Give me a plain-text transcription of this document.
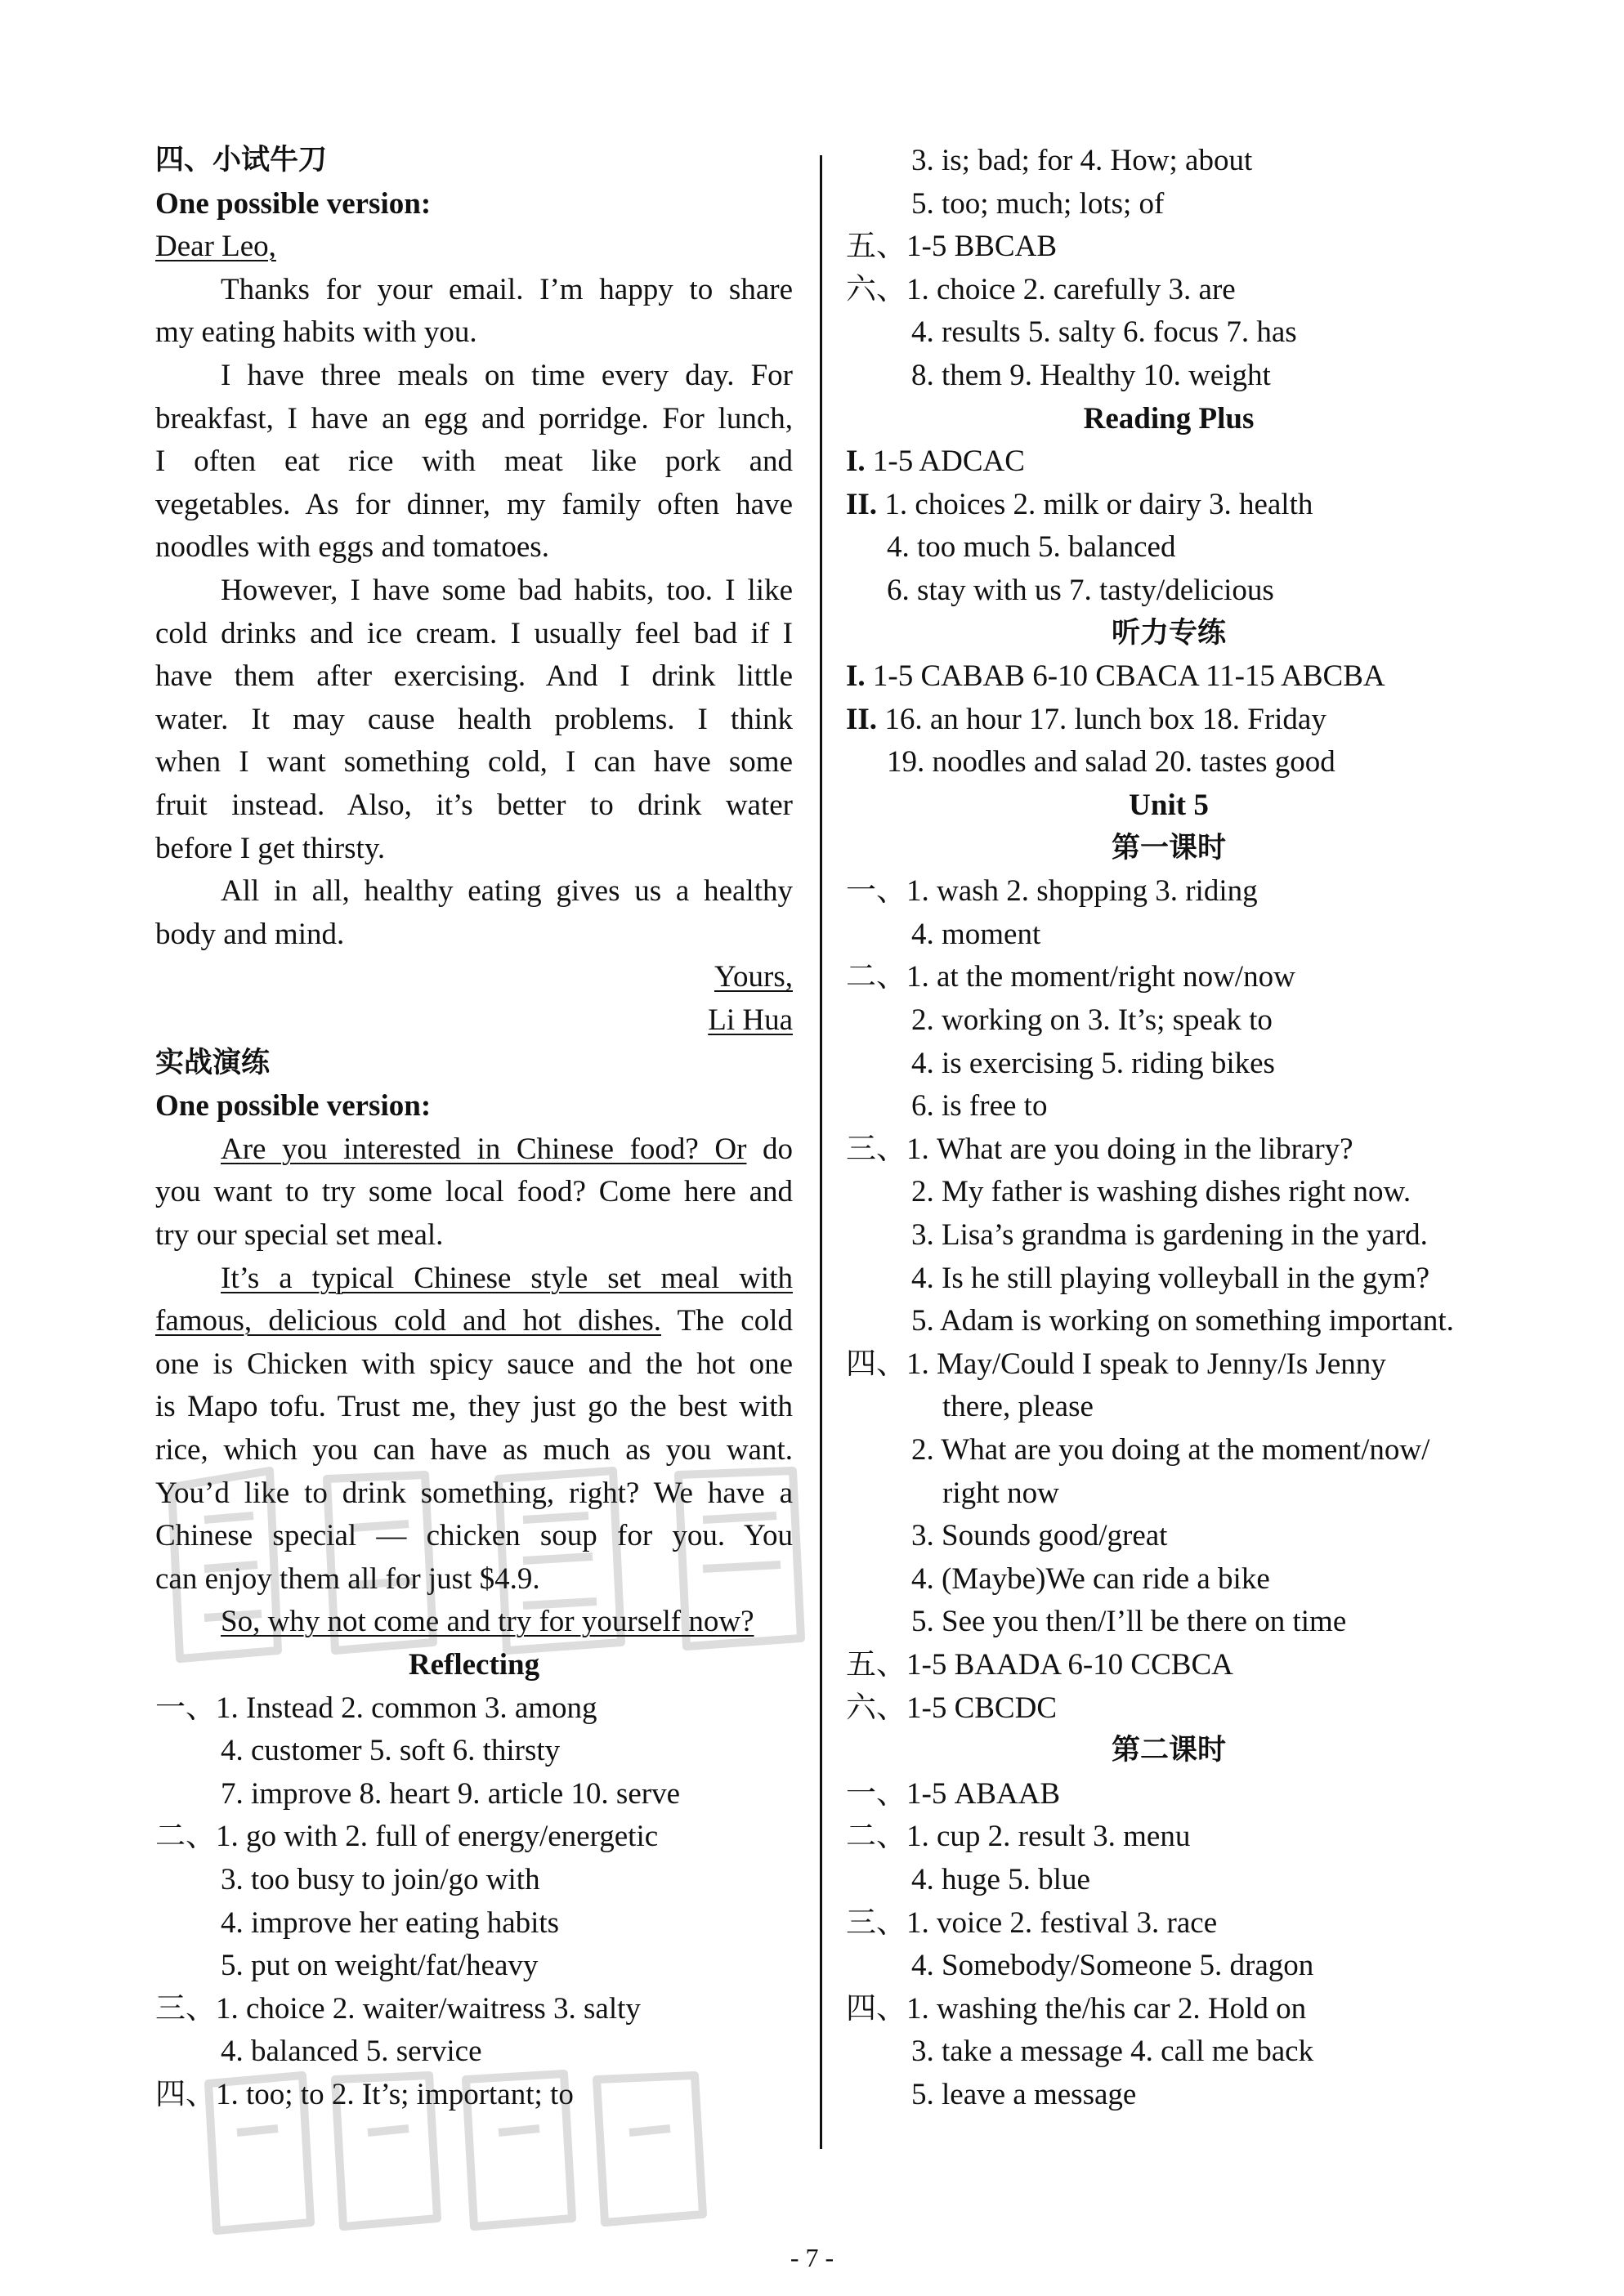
四、小试牛刀
One possible version:
Dear Leo,
Thanks for your email. I’m happy to share
my eating habits with you.
I have three meals on time every day. For
breakfast, I have an egg and porridge. For lunch,
I often eat rice with meat like pork and
vegetables. As for dinner, my family often have
noodles with eggs and tomatoes.
However, I have some bad habits, too. I like
cold drinks and ice cream. I usually feel bad if I
have them after exercising. And I drink little
water. It may cause health problems. I think
when I want something cold, I can have some
fruit instead. Also, it’s better to drink water
before I get thirsty.
All in all, healthy eating gives us a healthy
body and mind.
Yours,
Li Hua
实战演练
One possible version:
Are you interested in Chinese food? Or do
you want to try some local food? Come here and
try our special set meal.
It’s a typical Chinese style set meal with
famous, delicious cold and hot dishes. The cold
one is Chicken with spicy sauce and the hot one
is Mapo tofu. Trust me, they just go the best with
rice, which you can have as much as you want.
You’d like to drink something, right? We have a
Chinese special — chicken soup for you. You
can enjoy them all for just $4.9.
So, why not come and try for yourself now?
Reflecting
一、1. Instead 2. common 3. among
4. customer 5. soft 6. thirsty
7. improve 8. heart 9. article 10. serve
二、1. go with 2. full of energy/energetic
3. too busy to join/go with
4. improve her eating habits
5. put on weight/fat/heavy
三、1. choice 2. waiter/waitress 3. salty
4. balanced 5. service
四、1. too; to 2. It’s; important; to
3. is; bad; for 4. How; about
5. too; much; lots; of
五、1-5 BBCAB
六、1. choice 2. carefully 3. are
4. results 5. salty 6. focus 7. has
8. them 9. Healthy 10. weight
Reading Plus
I. 1-5 ADCAC
II. 1. choices 2. milk or dairy 3. health
4. too much 5. balanced
6. stay with us 7. tasty/delicious
听力专练
I. 1-5 CABAB 6-10 CBACA 11-15 ABCBA
II. 16. an hour 17. lunch box 18. Friday
19. noodles and salad 20. tastes good
Unit 5
第一课时
一、1. wash 2. shopping 3. riding
4. moment
二、1. at the moment/right now/now
2. working on 3. It’s; speak to
4. is exercising 5. riding bikes
6. is free to
三、1. What are you doing in the library?
2. My father is washing dishes right now.
3. Lisa’s grandma is gardening in the yard.
4. Is he still playing volleyball in the gym?
5. Adam is working on something important.
四、1. May/Could I speak to Jenny/Is Jenny
there, please
2. What are you doing at the moment/now/
right now
3. Sounds good/great
4. (Maybe)We can ride a bike
5. See you then/I’ll be there on time
五、1-5 BAADA 6-10 CCBCA
六、1-5 CBCDC
第二课时
一、1-5 ABAAB
二、1. cup 2. result 3. menu
4. huge 5. blue
三、1. voice 2. festival 3. race
4. Somebody/Someone 5. dragon
四、1. washing the/his car 2. Hold on
3. take a message 4. call me back
5. leave a message
- 7 -
